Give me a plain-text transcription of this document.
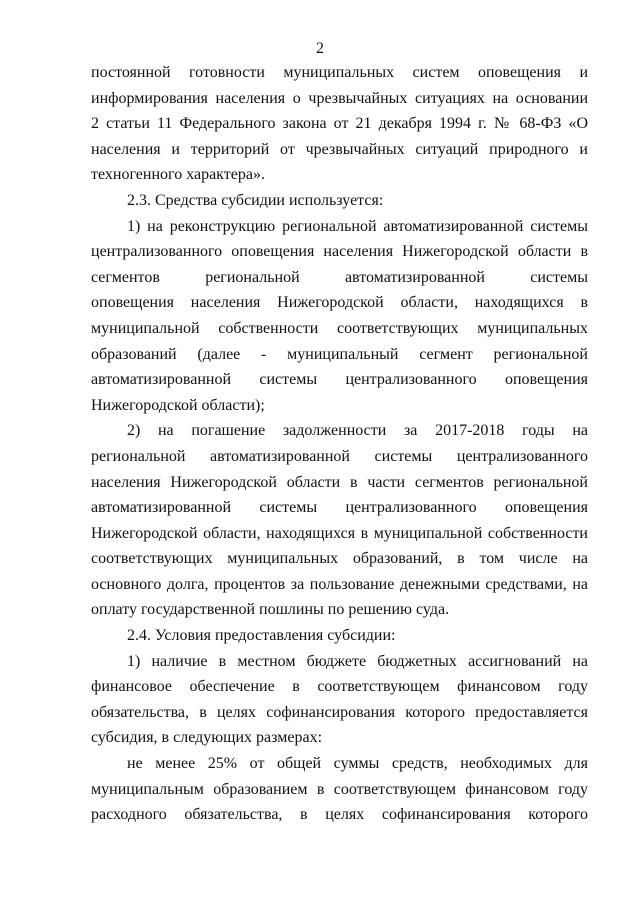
2
постоянной готовности муниципальных систем оповещения и
информирования населения о чрезвычайных ситуациях на основании
2 статьи 11 Федерального закона от 21 декабря 1994 г. № 68-ФЗ «О
населения и территорий от чрезвычайных ситуаций природного и
техногенного характера».
2.3. Средства субсидии используется:
1) на реконструкцию региональной автоматизированной системы
централизованного оповещения населения Нижегородской области в
сегментов региональной автоматизированной системы
оповещения населения Нижегородской области, находящихся в
муниципальной собственности соответствующих муниципальных
образований (далее - муниципальный сегмент региональной
автоматизированной системы централизованного оповещения
Нижегородской области);
2) на погашение задолженности за 2017-2018 годы на
региональной автоматизированной системы централизованного
населения Нижегородской области в части сегментов региональной
автоматизированной системы централизованного оповещения
Нижегородской области, находящихся в муниципальной собственности
соответствующих муниципальных образований, в том числе на
основного долга, процентов за пользование денежными средствами, на
оплату государственной пошлины по решению суда.
2.4. Условия предоставления субсидии:
1) наличие в местном бюджете бюджетных ассигнований на
финансовое обеспечение в соответствующем финансовом году
обязательства, в целях софинансирования которого предоставляется
субсидия, в следующих размерах:
не менее 25% от общей суммы средств, необходимых для
муниципальным образованием в соответствующем финансовом году
расходного обязательства, в целях софинансирования которого
